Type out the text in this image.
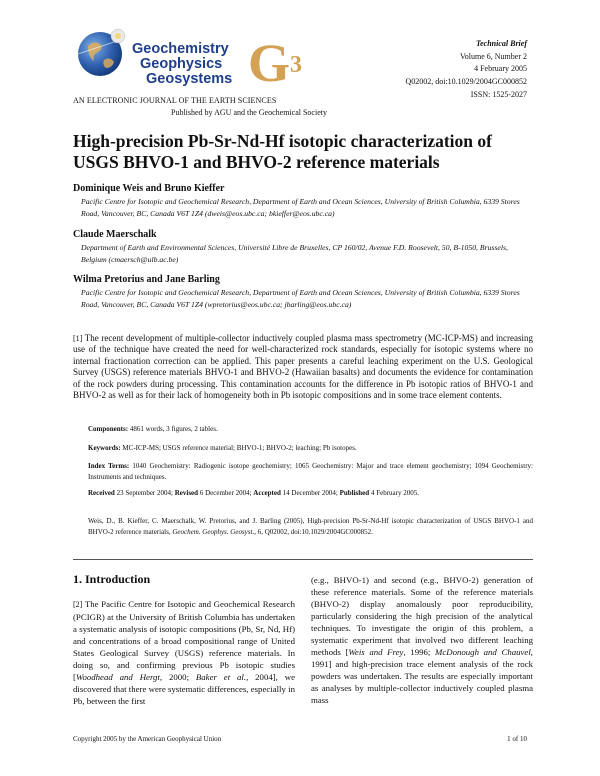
Geochemistry
Geophysics
Geosystems $G^3$
AN ELECTRONIC JOURNAL OF THE EARTH SCIENCES
Published by AGU and the Geochemical Society
Technical Brief
Volume 6, Number 2
4 February 2005
Q02002, doi:10.1029/2004GC000852
ISSN: 1525-2027
High-precision Pb-Sr-Nd-Hf isotopic characterization of USGS BHVO-1 and BHVO-2 reference materials
Dominique Weis and Bruno Kieffer
Pacific Centre for Isotopic and Geochemical Research, Department of Earth and Ocean Sciences, University of British Columbia, 6339 Stores Road, Vancouver, BC, Canada V6T 1Z4 (dweis@eos.ubc.ca; bkieffer@eos.ubc.ca)
Claude Maerschalk
Department of Earth and Environmental Sciences, Université Libre de Bruxelles, CP 160/02, Avenue F.D. Roosevelt, 50, B-1050, Brussels, Belgium (cmaersch@ulb.ac.be)
Wilma Pretorius and Jane Barling
Pacific Centre for Isotopic and Geochemical Research, Department of Earth and Ocean Sciences, University of British Columbia, 6339 Stores Road, Vancouver, BC, Canada V6T 1Z4 (wpretorius@eos.ubc.ca; jbarling@eos.ubc.ca)
[1] The recent development of multiple-collector inductively coupled plasma mass spectrometry (MC-ICP-MS) and increasing use of the technique have created the need for well-characterized rock standards, especially for isotopic systems where no internal fractionation correction can be applied. This paper presents a careful leaching experiment on the U.S. Geological Survey (USGS) reference materials BHVO-1 and BHVO-2 (Hawaiian basalts) and documents the evidence for contamination of the rock powders during processing. This contamination accounts for the difference in Pb isotopic ratios of BHVO-1 and BHVO-2 as well as for their lack of homogeneity both in Pb isotopic compositions and in some trace element contents.
Components: 4861 words, 3 figures, 2 tables.
Keywords: MC-ICP-MS; USGS reference material; BHVO-1; BHVO-2; leaching; Pb isotopes.
Index Terms: 1040 Geochemistry: Radiogenic isotope geochemistry; 1065 Geochemistry: Major and trace element geochemistry; 1094 Geochemistry: Instruments and techniques.
Received 23 September 2004; Revised 6 December 2004; Accepted 14 December 2004; Published 4 February 2005.
Weis, D., B. Kieffer, C. Maerschalk, W. Pretorius, and J. Barling (2005), High-precision Pb-Sr-Nd-Hf isotopic characterization of USGS BHVO-1 and BHVO-2 reference materials, Geochem. Geophys. Geosyst., 6, Q02002, doi:10.1029/2004GC000852.
1. Introduction
[2] The Pacific Centre for Isotopic and Geochemical Research (PCIGR) at the University of British Columbia has undertaken a systematic analysis of isotopic compositions (Pb, Sr, Nd, Hf) and concentrations of a broad compositional range of United States Geological Survey (USGS) reference materials. In doing so, and confirming previous Pb isotopic studies [Woodhead and Hergt, 2000; Baker et al., 2004], we discovered that there were systematic differences, especially in Pb, between the first
(e.g., BHVO-1) and second (e.g., BHVO-2) generation of these reference materials. Some of the reference materials (BHVO-2) display anomalously poor reproducibility, particularly considering the high precision of the analytical techniques. To investigate the origin of this problem, a systematic experiment that involved two different leaching methods [Weis and Frey, 1996; McDonough and Chauvel, 1991] and high-precision trace element analysis of the rock powders was undertaken. The results are especially important as analyses by multiple-collector inductively coupled plasma mass
Copyright 2005 by the American Geophysical Union	1 of 10
